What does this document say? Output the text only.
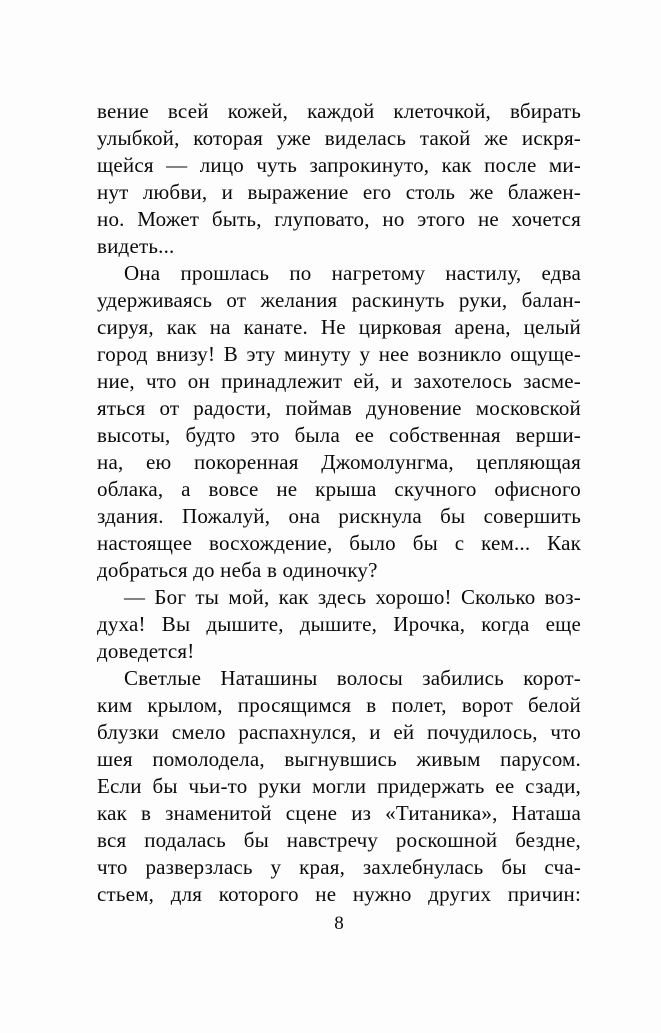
вение всей кожей, каждой клеточкой, вбирать
улыбкой, которая уже виделась такой же искря-
щейся — лицо чуть запрокинуто, как после ми-
нут любви, и выражение его столь же блажен-
но. Может быть, глуповато, но этого не хочется
видеть...
Она прошлась по нагретому настилу, едва
удерживаясь от желания раскинуть руки, балан-
сируя, как на канате. Не цирковая арена, целый
город внизу! В эту минуту у нее возникло ощуще-
ние, что он принадлежит ей, и захотелось засме-
яться от радости, поймав дуновение московской
высоты, будто это была ее собственная верши-
на, ею покоренная Джомолунгма, цепляющая
облака, а вовсе не крыша скучного офисного
здания. Пожалуй, она рискнула бы совершить
настоящее восхождение, было бы с кем... Как
добраться до неба в одиночку?
— Бог ты мой, как здесь хорошо! Сколько воз-
духа! Вы дышите, дышите, Ирочка, когда еще
доведется!
Светлые Наташины волосы забились корот-
ким крылом, просящимся в полет, ворот белой
блузки смело распахнулся, и ей почудилось, что
шея помолодела, выгнувшись живым парусом.
Если бы чьи-то руки могли придержать ее сзади,
как в знаменитой сцене из «Титаника», Наташа
вся подалась бы навстречу роскошной бездне,
что разверзлась у края, захлебнулась бы сча-
стьем, для которого не нужно других причин:
8
